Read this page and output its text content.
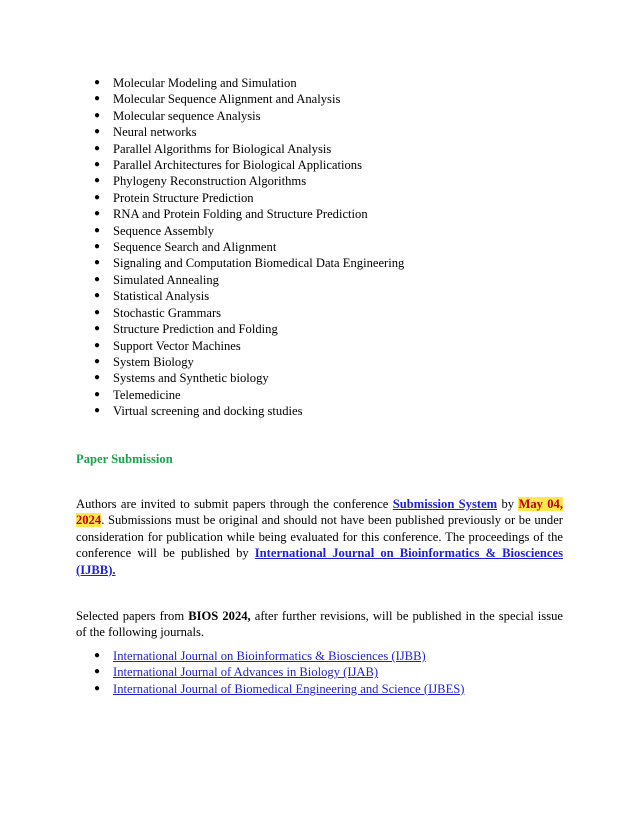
● Molecular Modeling and Simulation
● Molecular Sequence Alignment and Analysis
● Molecular sequence Analysis
● Neural networks
● Parallel Algorithms for Biological Analysis
● Parallel Architectures for Biological Applications
● Phylogeny Reconstruction Algorithms
● Protein Structure Prediction
● RNA and Protein Folding and Structure Prediction
● Sequence Assembly
● Sequence Search and Alignment
● Signaling and Computation Biomedical Data Engineering
● Simulated Annealing
● Statistical Analysis
● Stochastic Grammars
● Structure Prediction and Folding
● Support Vector Machines
● System Biology
● Systems and Synthetic biology
● Telemedicine
● Virtual screening and docking studies
Paper Submission

Authors are invited to submit papers through the conference Submission System by May 04, 2024. Submissions must be original and should not have been published previously or be under consideration for publication while being evaluated for this conference. The proceedings of the conference will be published by International Journal on Bioinformatics & Biosciences (IJBB).

Selected papers from BIOS 2024, after further revisions, will be published in the special issue of the following journals.

● International Journal on Bioinformatics & Biosciences (IJBB)
● International Journal of Advances in Biology (IJAB)
● International Journal of Biomedical Engineering and Science (IJBES)
